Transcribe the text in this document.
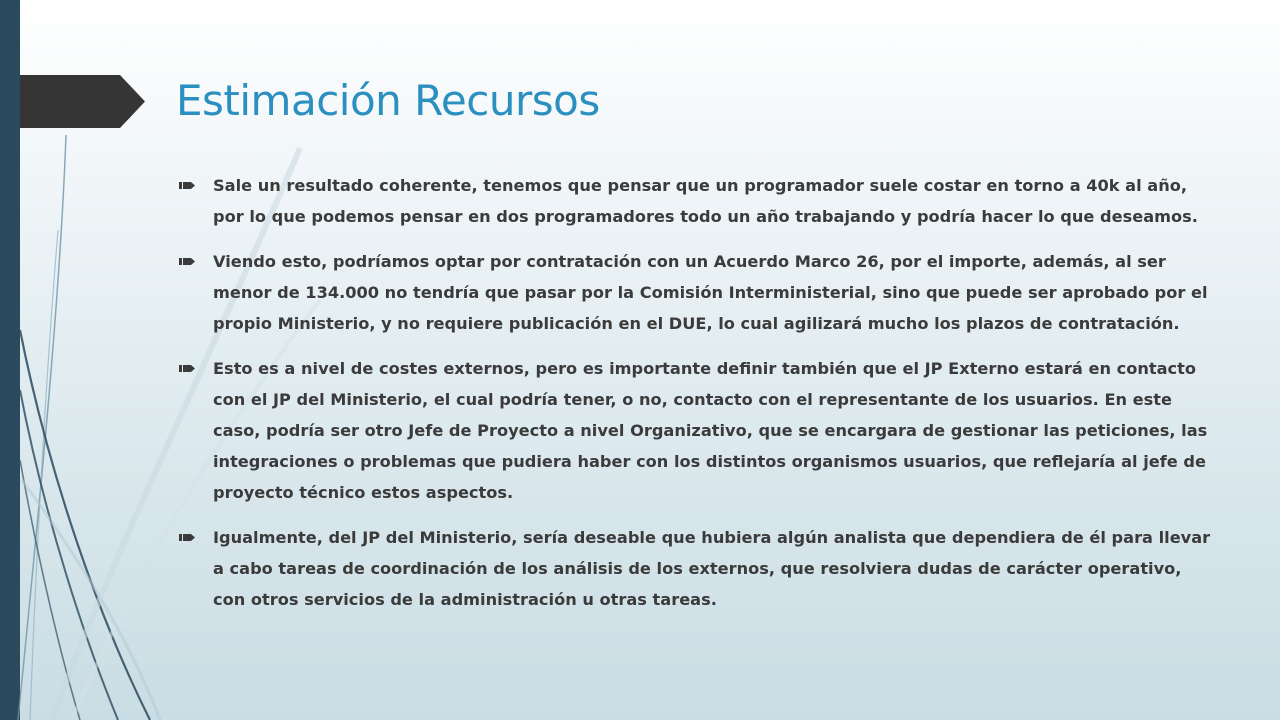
Estimación Recursos
Sale un resultado coherente, tenemos que pensar que un programador suele costar en torno a 40k al año, por lo que podemos pensar en dos programadores todo un año trabajando y podría hacer lo que deseamos.
Viendo esto, podríamos optar por contratación con un Acuerdo Marco 26, por el importe, además, al ser menor de 134.000 no tendría que pasar por la Comisión Interministerial, sino que puede ser aprobado por el propio Ministerio, y no requiere publicación en el DUE, lo cual agilizará mucho los plazos de contratación.
Esto es a nivel de costes externos, pero es importante definir también que el JP Externo estará en contacto con el JP del Ministerio, el cual podría tener, o no, contacto con el representante de los usuarios. En este caso, podría ser otro Jefe de Proyecto a nivel Organizativo, que se encargara de gestionar las peticiones, las integraciones o problemas que pudiera haber con los distintos organismos usuarios, que reflejaría al jefe de proyecto técnico estos aspectos.
Igualmente, del JP del Ministerio, sería deseable que hubiera algún analista que dependiera de él para llevar a cabo tareas de coordinación de los análisis de los externos, que resolviera dudas de carácter operativo, con otros servicios de la administración u otras tareas.
